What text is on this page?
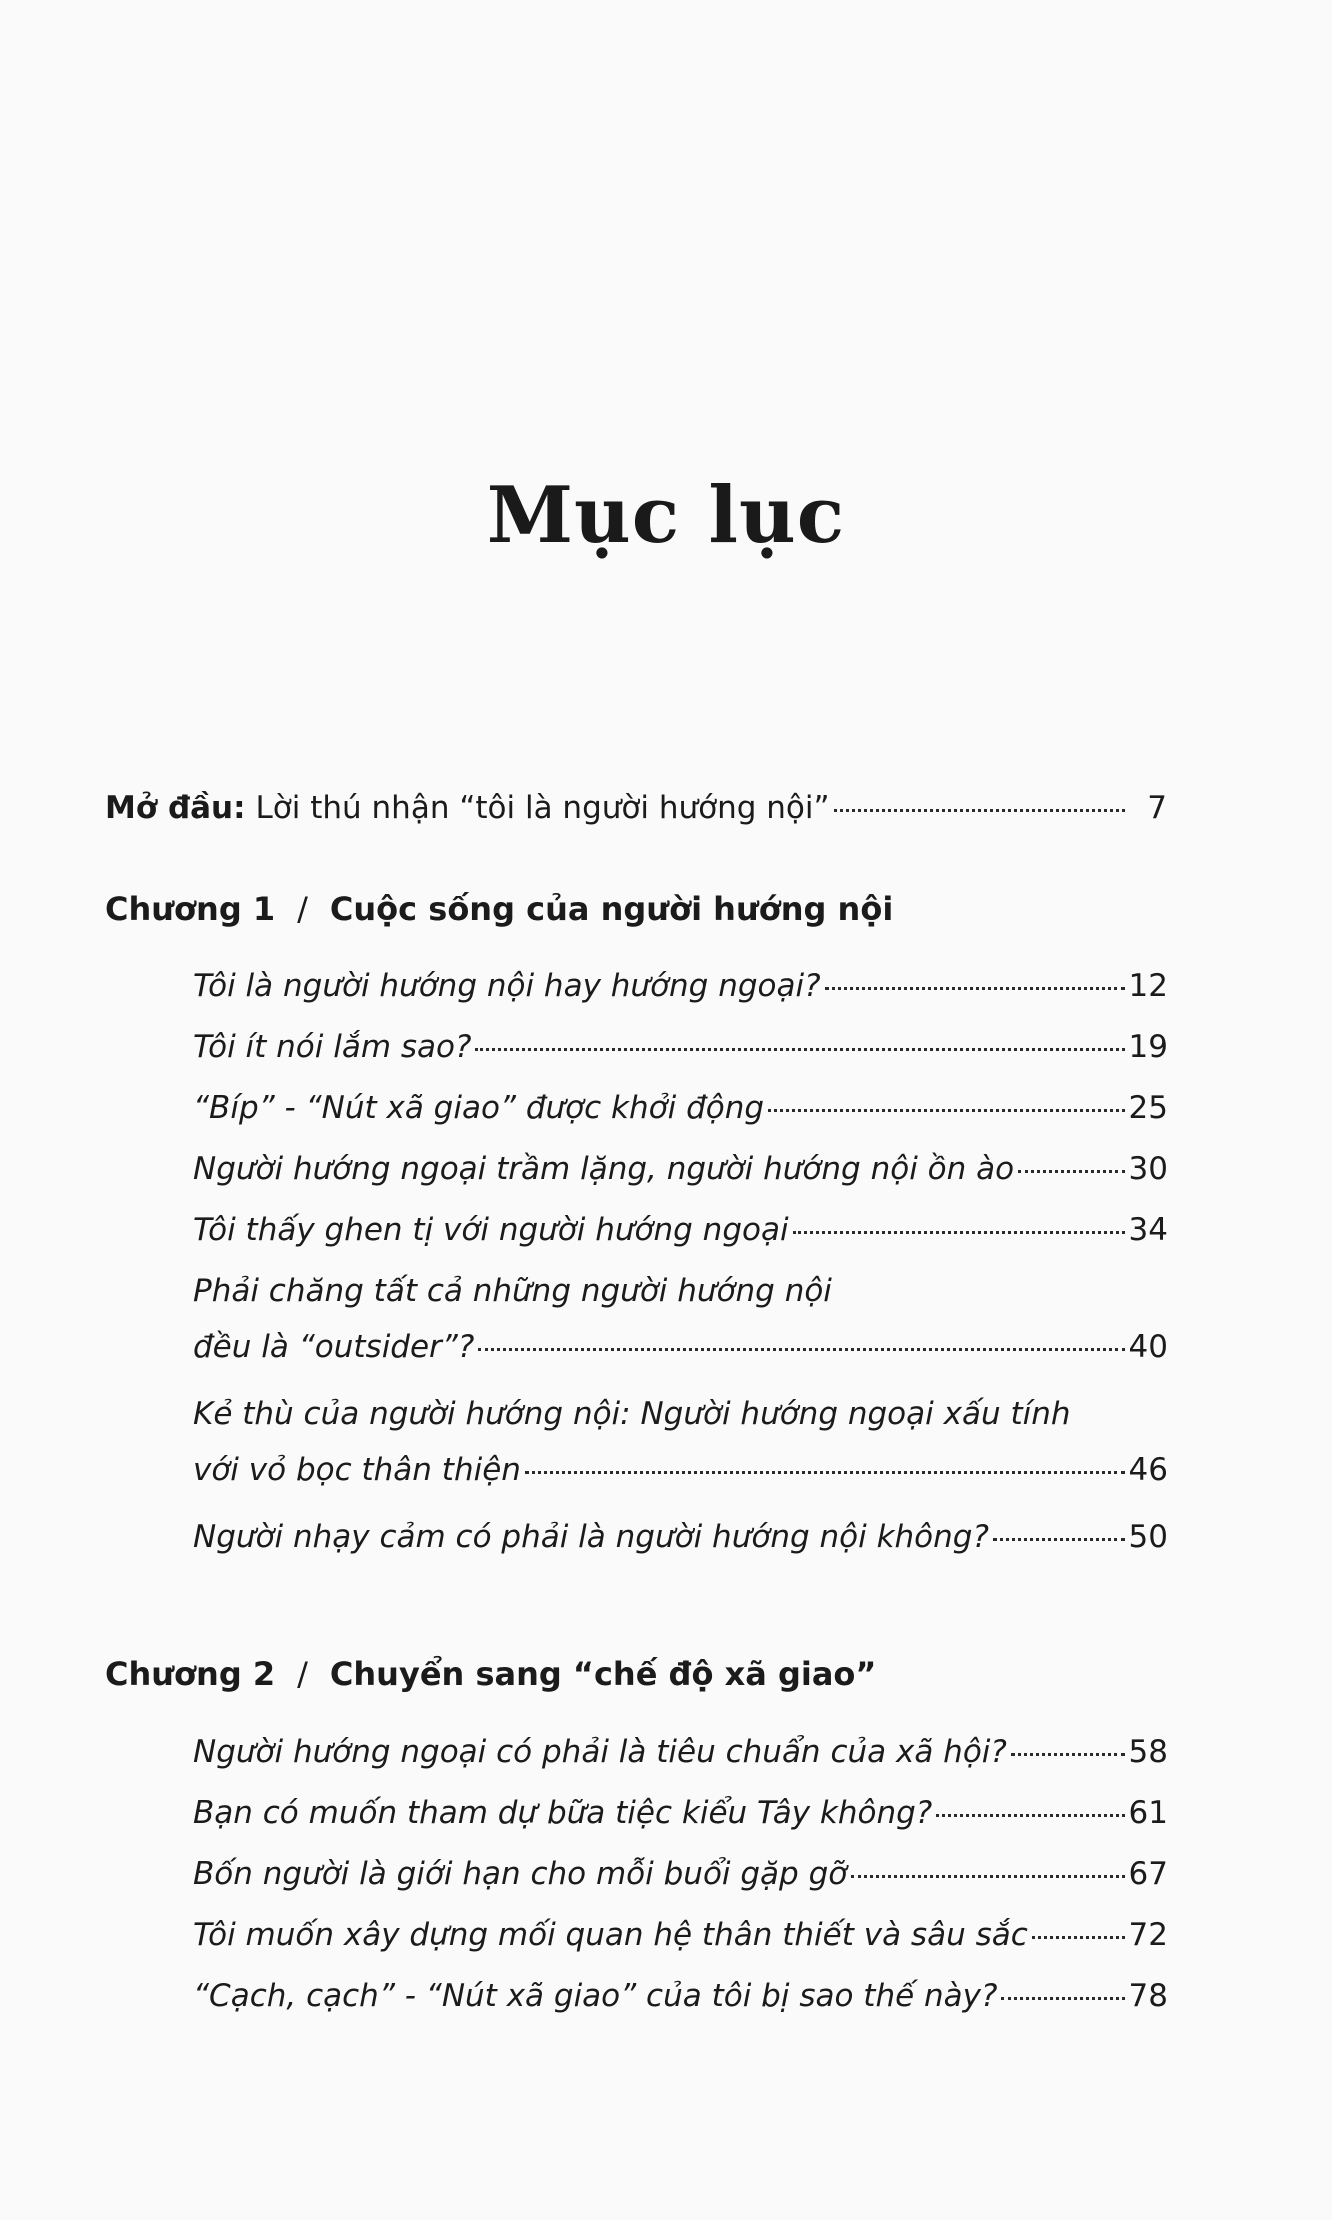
Mục lục
Mở đầu: Lời thú nhận “tôi là người hướng nội”	7
Chương 1 / Cuộc sống của người hướng nội
Tôi là người hướng nội hay hướng ngoại?	12
Tôi ít nói lắm sao?	19
“Bíp” - “Nút xã giao” được khởi động	25
Người hướng ngoại trầm lặng, người hướng nội ồn ào	30
Tôi thấy ghen tị với người hướng ngoại	34
Phải chăng tất cả những người hướng nội
đều là “outsider”?	40
Kẻ thù của người hướng nội: Người hướng ngoại xấu tính
với vỏ bọc thân thiện	46
Người nhạy cảm có phải là người hướng nội không?	50
Chương 2 / Chuyển sang “chế độ xã giao”
Người hướng ngoại có phải là tiêu chuẩn của xã hội?	58
Bạn có muốn tham dự bữa tiệc kiểu Tây không?	61
Bốn người là giới hạn cho mỗi buổi gặp gỡ	67
Tôi muốn xây dựng mối quan hệ thân thiết và sâu sắc	72
“Cạch, cạch” - “Nút xã giao” của tôi bị sao thế này?	78
